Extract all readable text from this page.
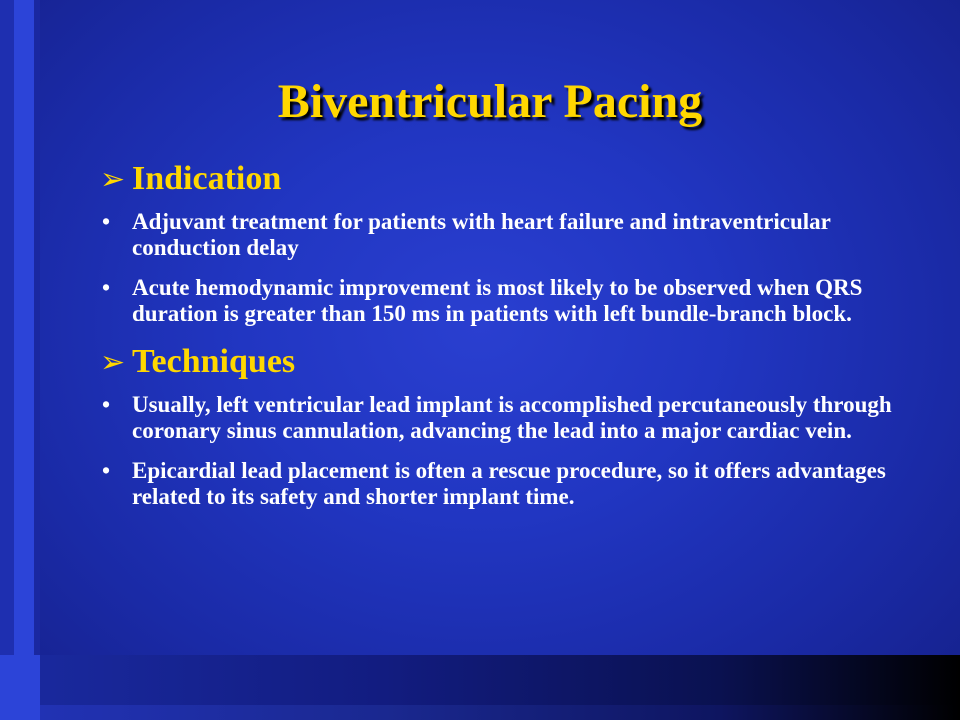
Biventricular Pacing
➢ Indication
• Adjuvant treatment for patients with heart failure and intraventricular conduction delay
• Acute hemodynamic improvement is most likely to be observed when QRS duration is greater than 150 ms in patients with left bundle-branch block.
➢ Techniques
• Usually, left ventricular lead implant is accomplished percutaneously through coronary sinus cannulation, advancing the lead into a major cardiac vein.
• Epicardial lead placement is often a rescue procedure, so it offers advantages related to its safety and shorter implant time.
